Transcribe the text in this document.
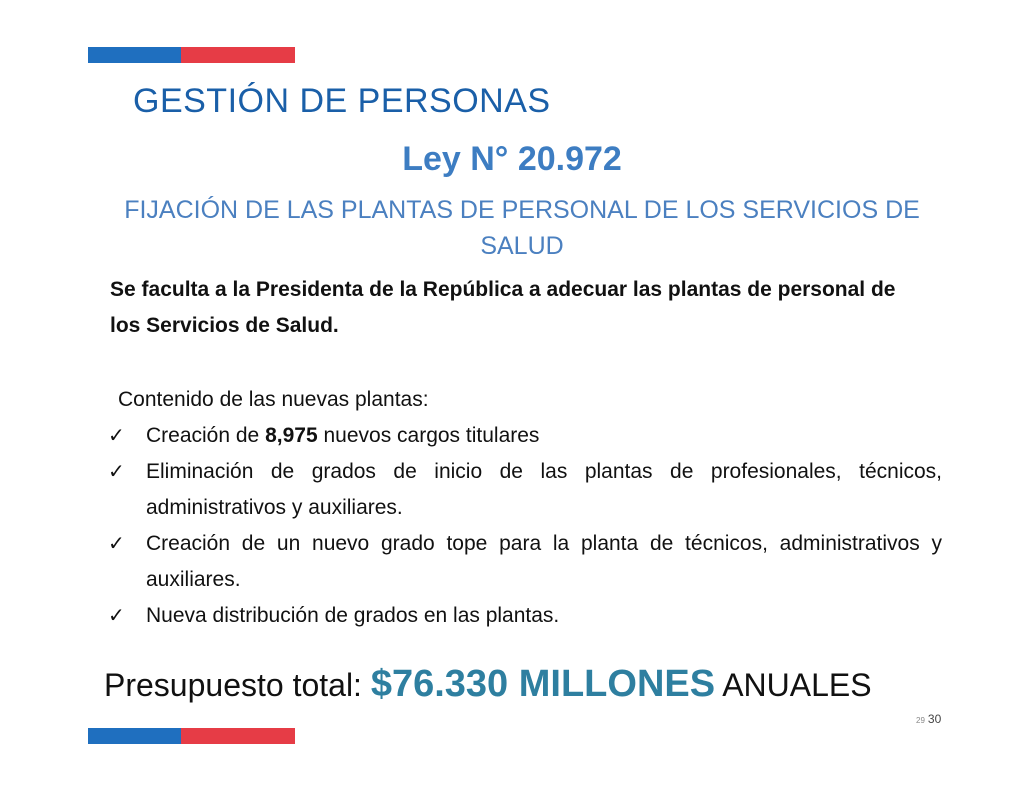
GESTIÓN DE PERSONAS
Ley N° 20.972
FIJACIÓN DE LAS PLANTAS DE PERSONAL DE LOS SERVICIOS DE SALUD
Se faculta a la Presidenta de la República a adecuar las plantas de personal de los Servicios de Salud.
Contenido de las nuevas plantas:
✓ Creación de 8,975 nuevos cargos titulares
✓ Eliminación de grados de inicio de las plantas de profesionales, técnicos, administrativos y auxiliares.
✓ Creación de un nuevo grado tope para la planta de técnicos, administrativos y auxiliares.
✓ Nueva distribución de grados en las plantas.
Presupuesto total: $76.330 MILLONES ANUALES
29 30
